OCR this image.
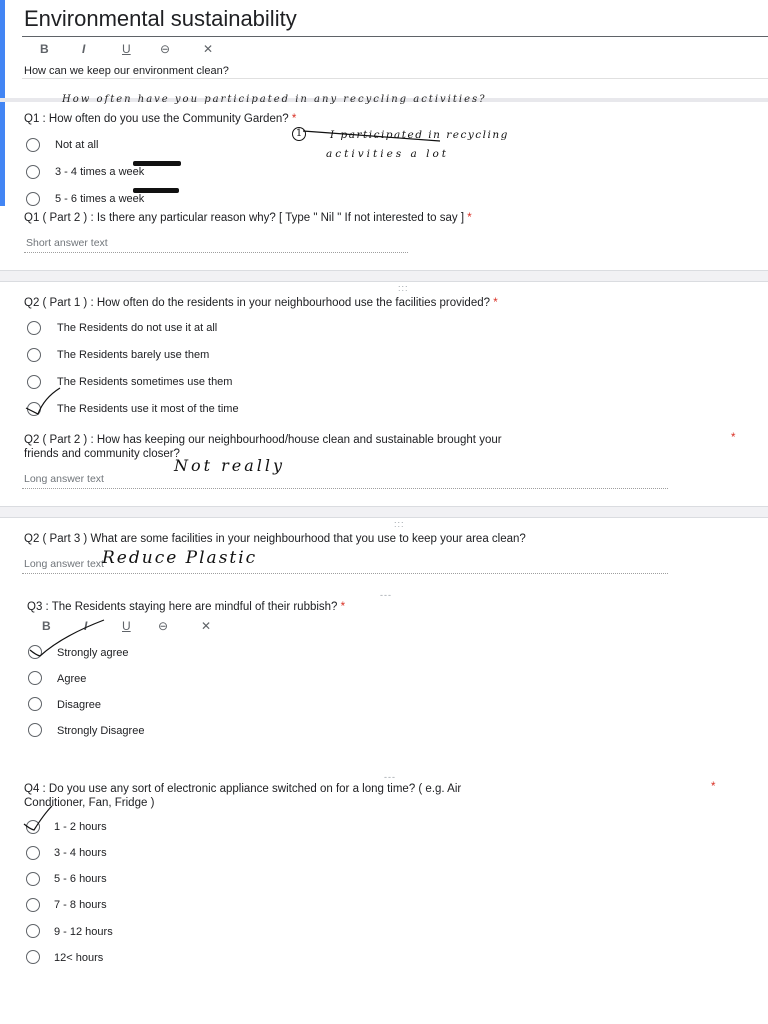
Environmental sustainability
B	I	U ⊖	✕
How can we keep our environment clean?
How often have you participated in any recycling activities?
Q1 : How often do you use the Community Garden? *
Not at all
3 - 4 times a week
5 - 6 times a week
1	I participated in recycling
activities a lot
Q1 ( Part 2 ) : Is there any particular reason why? [ Type " Nil " If not interested to say ] *
Short answer text
:::
Q2 ( Part 1 ) : How often do the residents in your neighbourhood use the facilities provided? *
The Residents do not use it at all
The Residents barely use them
The Residents sometimes use them
The Residents use it most of the time
Q2 ( Part 2 ) : How has keeping our neighbourhood/house clean and sustainable brought your	*
friends and community closer?
Long answer text
Not really
:::
Q2 ( Part 3 ) What are some facilities in your neighbourhood that you use to keep your area clean?
Long answer text
Reduce Plastic
---
Q3 : The Residents staying here are mindful of their rubbish? *
B	I	U ⊖	✕
Strongly agree
Agree
Disagree
Strongly Disagree
---
Q4 : Do you use any sort of electronic appliance switched on for a long time? ( e.g. Air	*
Conditioner, Fan, Fridge )
1 - 2 hours
3 - 4 hours
5 - 6 hours
7 - 8 hours
9 - 12 hours
12< hours
